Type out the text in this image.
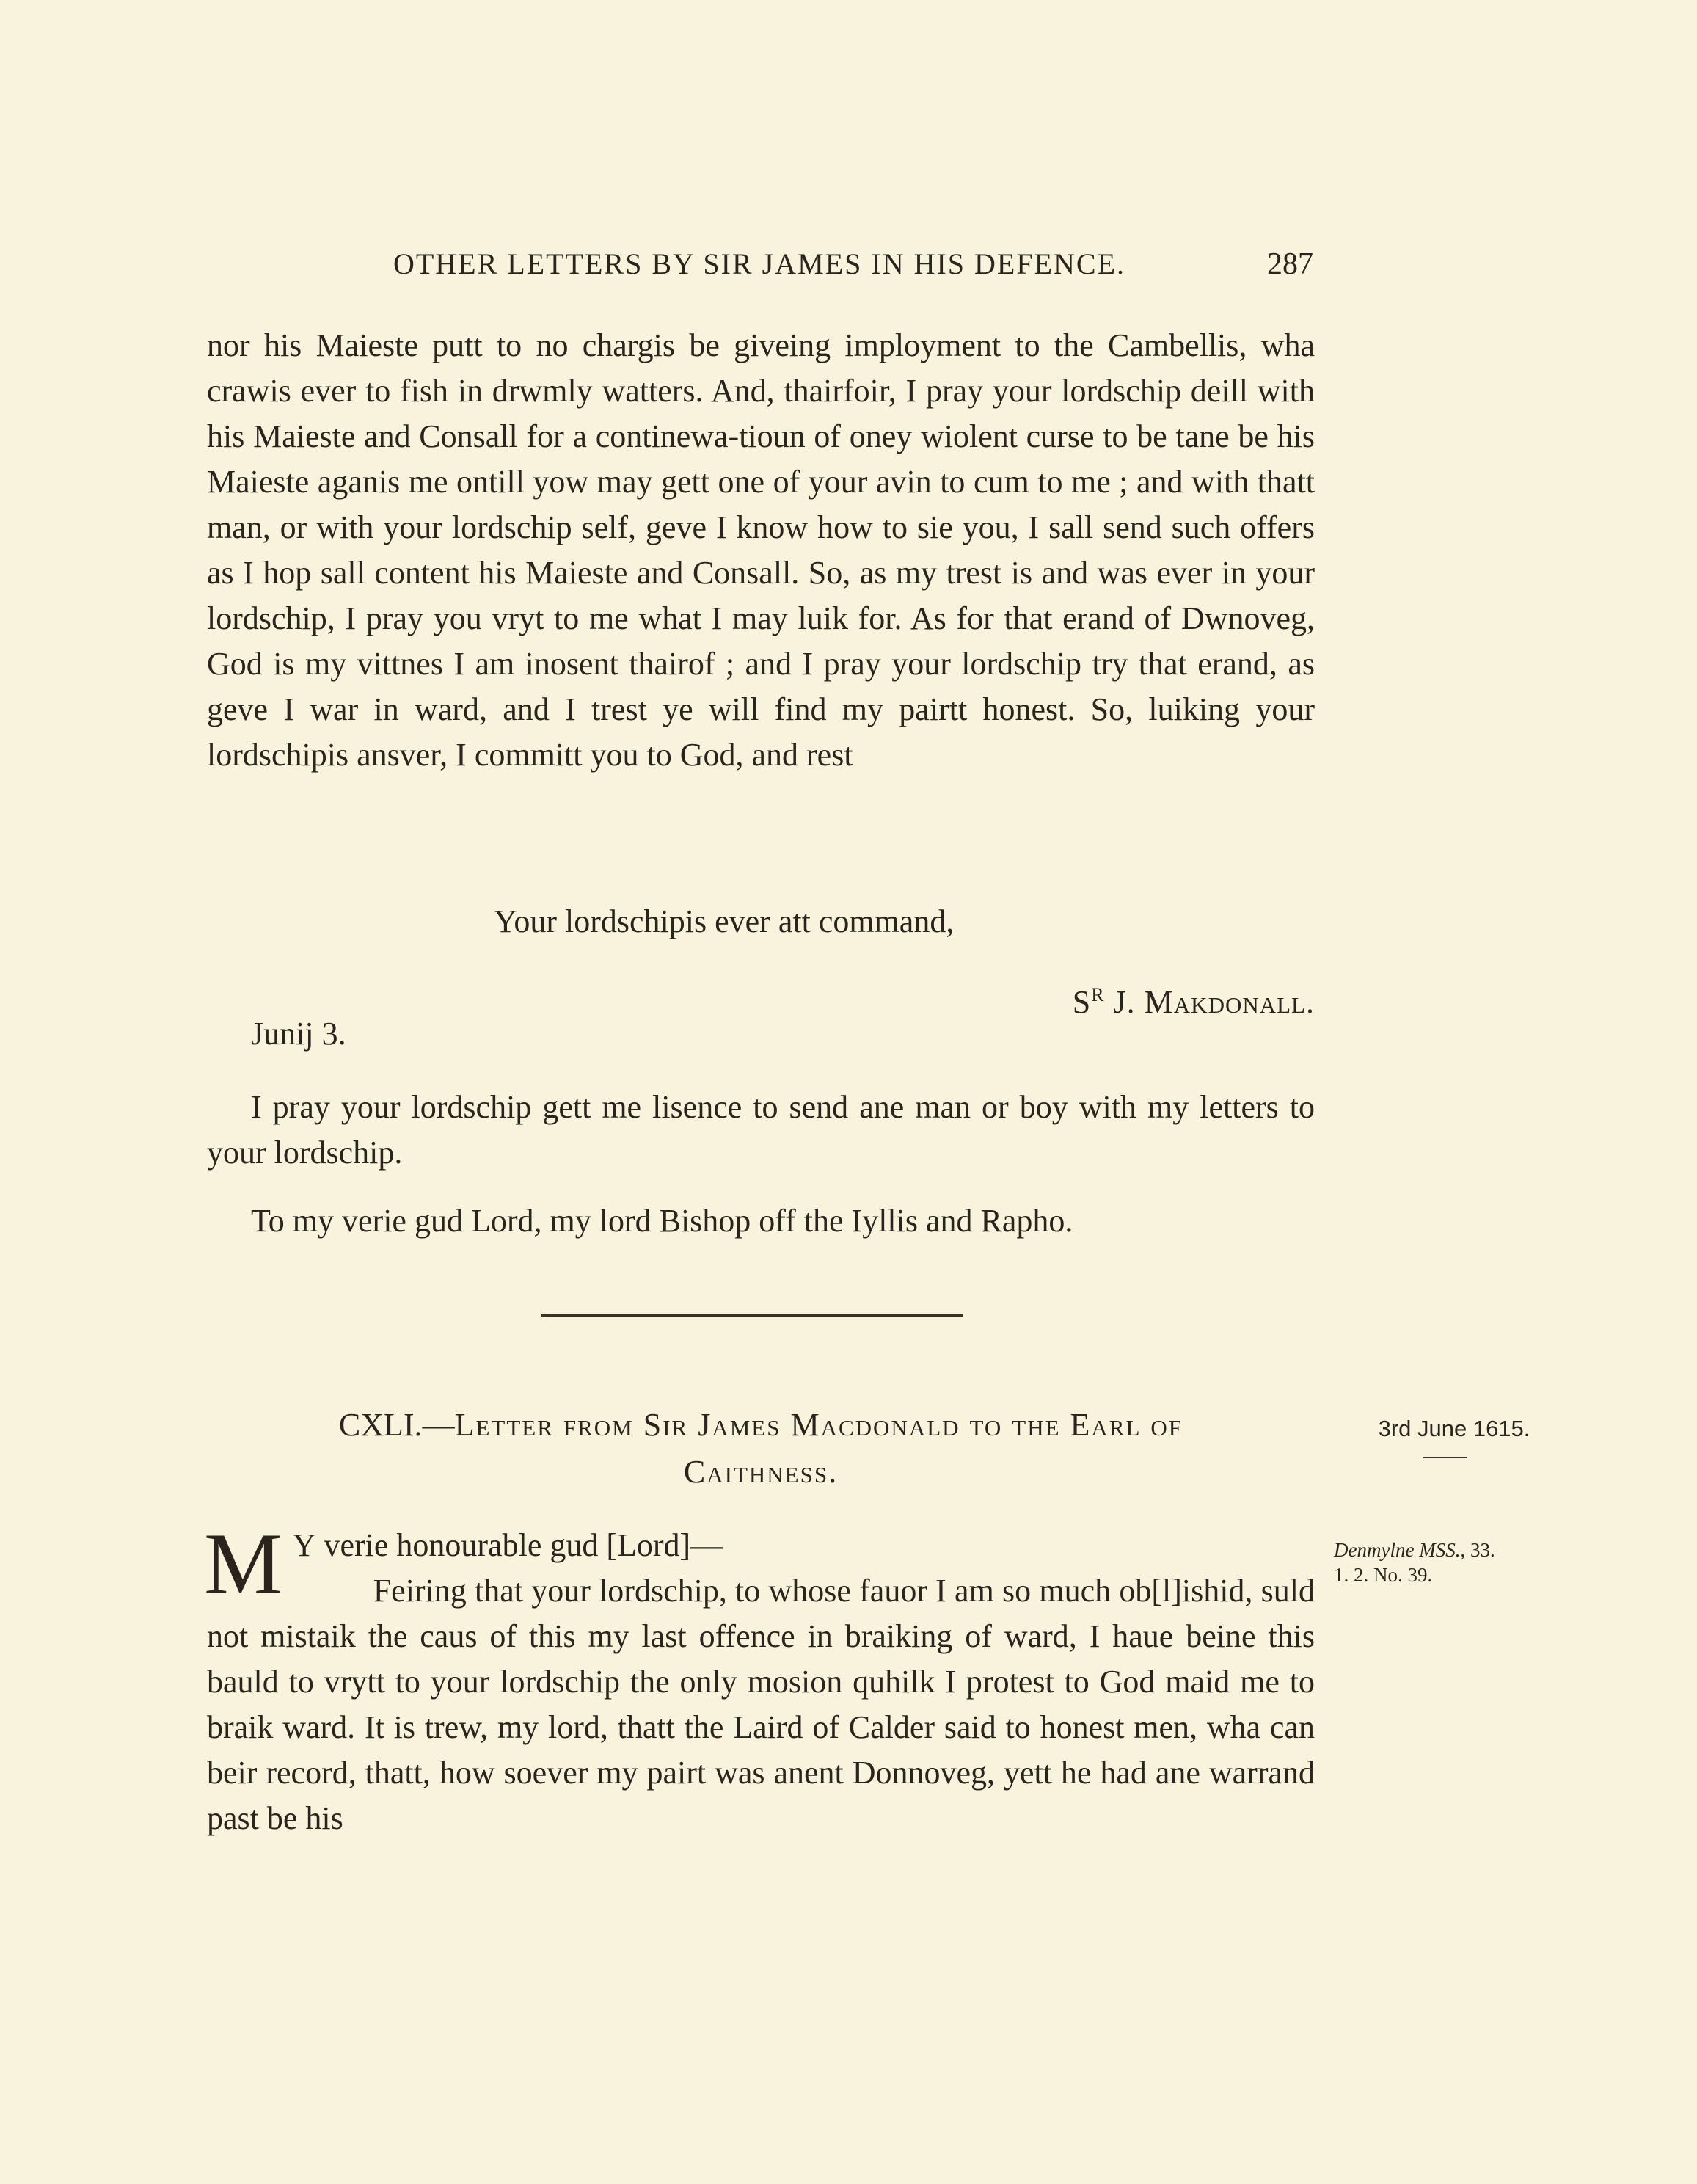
OTHER LETTERS BY SIR JAMES IN HIS DEFENCE.	287

nor his Maieste putt to no chargis be giveing imployment to the Cambellis, wha crawis ever to fish in drwmly watters. And, thairfoir, I pray your lordschip deill with his Maieste and Consall for a continewa-tioun of oney wiolent curse to be tane be his Maieste aganis me ontill yow may gett one of your avin to cum to me ; and with thatt man, or with your lordschip self, geve I know how to sie you, I sall send such offers as I hop sall content his Maieste and Consall. So, as my trest is and was ever in your lordschip, I pray you vryt to me what I may luik for. As for that erand of Dwnoveg, God is my vittnes I am inosent thairof ; and I pray your lordschip try that erand, as geve I war in ward, and I trest ye will find my pairtt honest. So, luiking your lordschipis ansver, I committ you to God, and rest

Your lordschipis ever att command,
$S^R$ J. Makdonall.
Junij 3.

I pray your lordschip gett me lisence to send ane man or boy with my letters to your lordschip.

To my verie gud Lord, my lord Bishop off the Iyllis and Rapho.
CXLI.—Letter from Sir James Macdonald to the Earl of
Caithness.
3rd June 1615.
Denmylne MSS., 33.
1. 2. No. 39.
M Y verie honourable gud [Lord]—

Feiring that your lordschip, to whose fauor I am so much ob[l]ishid, suld not mistaik the caus of this my last offence in braiking of ward, I haue beine this bauld to vrytt to your lordschip the only mosion quhilk I protest to God maid me to braik ward. It is trew, my lord, thatt the Laird of Calder said to honest men, wha can beir record, thatt, how soever my pairt was anent Donnoveg, yett he had ane warrand past be his
